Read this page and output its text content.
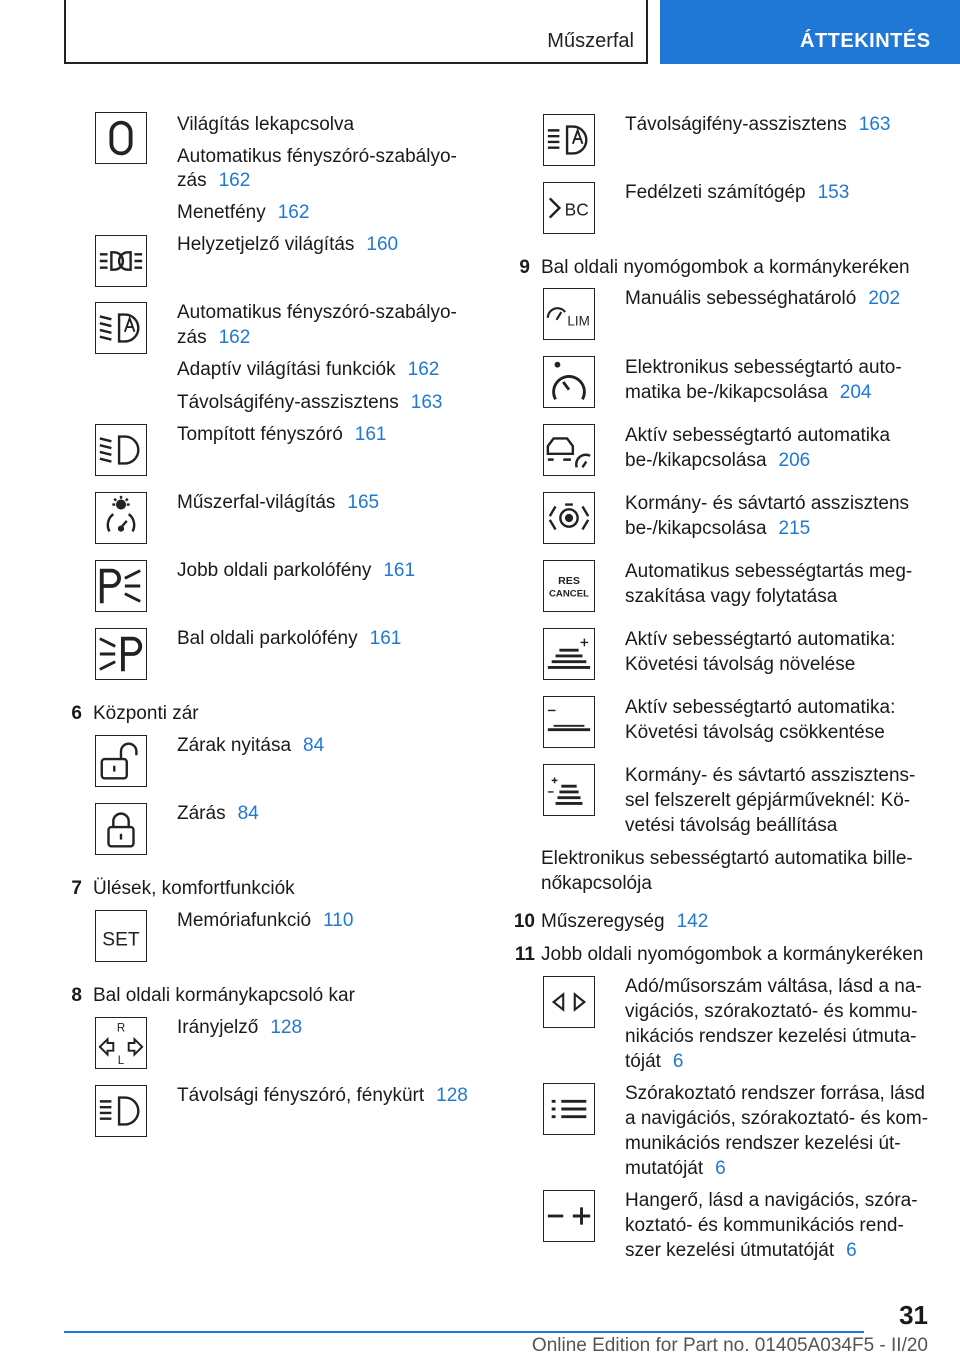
Műszerfal	ÁTTEKINTÉS
Világítás lekapcsolva
Automatikus fényszóró-szabályo-
zás 162
Menetfény 162
Helyzetjelző világítás 160
Automatikus fényszóró-szabályo-
zás 162
Adaptív világítási funkciók 162
Távolságifény-asszisztens 163
Tompított fényszóró 161
Műszerfal-világítás 165
Jobb oldali parkolófény 161
Bal oldali parkolófény 161
6 Központi zár
Zárak nyitása 84
Zárás 84
7 Ülések, komfortfunkciók
SET
Memóriafunkció 110
8 Bal oldali kormánykapcsoló kar
R
L
Irányjelző 128
Távolsági fényszóró, fénykürt 128
Távolságifény-asszisztens 163
BC
Fedélzeti számítógép 153
9 Bal oldali nyomógombok a kormánykeréken
LIM
Manuális sebességhatároló 202
Elektronikus sebességtartó auto-
matika be-/kikapcsolása 204
Aktív sebességtartó automatika
be-/kikapcsolása 206
Kormány- és sávtartó asszisztens
be-/kikapcsolása 215
RES
CANCEL
Automatikus sebességtartás meg-
szakítása vagy folytatása
Aktív sebességtartó automatika:
Követési távolság növelése
Aktív sebességtartó automatika:
Követési távolság csökkentése
Kormány- és sávtartó asszisztens-
sel felszerelt gépjárműveknél: Kö-
vetési távolság beállítása
Elektronikus sebességtartó automatika bille-
nőkapcsolója
10 Műszeregység 142
11 Jobb oldali nyomógombok a kormánykeréken
Adó/műsorszám váltása, lásd a na-
vigációs, szórakoztató- és kommu-
nikációs rendszer kezelési útmuta-
tóját 6
Szórakoztató rendszer forrása, lásd
a navigációs, szórakoztató- és kom-
munikációs rendszer kezelési út-
mutatóját 6
Hangerő, lásd a navigációs, szóra-
koztató- és kommunikációs rend-
szer kezelési útmutatóját 6
31
Online Edition for Part no. 01405A034F5 - II/20
